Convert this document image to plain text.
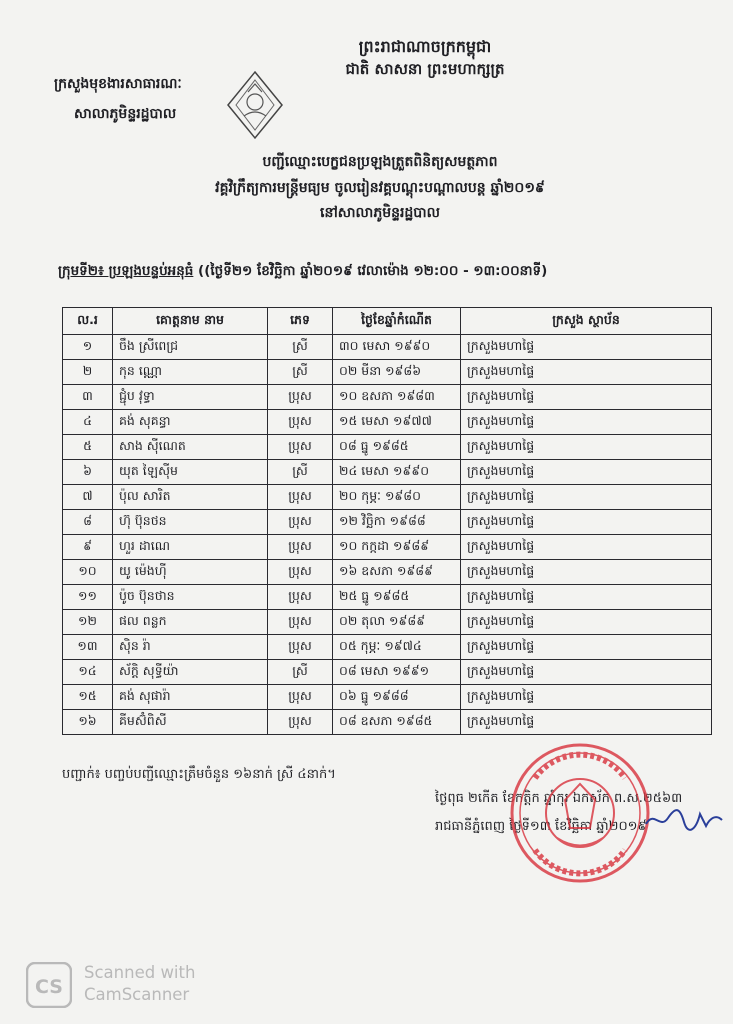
ព្រះរាជាណាចក្រកម្ពុជា
ជាតិ សាសនា ព្រះមហាក្សត្រ
ក្រសួងមុខងារសាធារណៈ
សាលាភូមិន្ទរដ្ឋបាល
បញ្ជីឈ្មោះបេក្ខជនប្រឡងត្រួតពិនិត្យសមត្ថភាព
វគ្គវិក្រឹត្យការមន្ត្រីមធ្យម ចូលរៀនវគ្គបណ្តុះបណ្តាលបន្ត ឆ្នាំ២០១៩
នៅសាលាភូមិន្ទរដ្ឋបាល
ក្រុមទី២៖ ប្រឡងបន្ទប់អនុធំ ((ថ្ងៃទី២១ ខែវិច្ឆិកា ឆ្នាំ២០១៩ វេលាម៉ោង ១២:០០ - ១៣:០០នាទី)
ល.រ	គោត្តនាម នាម	ភេទ	ថ្ងៃខែឆ្នាំកំណើត	ក្រសួង ស្ថាប័ន
១	ចឹង ស្រីពេជ្រ	ស្រី	៣០ មេសា ១៩៩០	ក្រសួងមហាផ្ទៃ
២	កុន ណ្ណោ	ស្រី	០២ មីនា ១៩៨៦	ក្រសួងមហាផ្ទៃ
៣	ជ្ជុំប វុទ្ធា	ប្រុស	១០ ឧសភា ១៩៨៣	ក្រសួងមហាផ្ទៃ
៤	គង់ សុគន្ធា	ប្រុស	១៥ មេសា ១៩៧៧	ក្រសួងមហាផ្ទៃ
៥	សាង ស៊ីណេត	ប្រុស	០៨ ធ្នូ ១៩៨៥	ក្រសួងមហាផ្ទៃ
៦	យុត ឡៃស៊ីម	ស្រី	២៤ មេសា ១៩៩០	ក្រសួងមហាផ្ទៃ
៧	ប៉ុល សារិត	ប្រុស	២០ កុម្ភៈ ១៩៨០	ក្រសួងមហាផ្ទៃ
៨	ហ៊ុ ប៊ុនថន	ប្រុស	១២ វិច្ឆិកា ១៩៨៨	ក្រសួងមហាផ្ទៃ
៩	ហួរ ដាណេ	ប្រុស	១០ កក្កដា ១៩៨៩	ក្រសួងមហាផ្ទៃ
១០	យូ ម៉េងហ៊ី	ប្រុស	១៦ ឧសភា ១៩៨៩	ក្រសួងមហាផ្ទៃ
១១	ប៉ូច ប៊ុនថាន	ប្រុស	២៥ ធ្នូ ១៩៨៥	ក្រសួងមហាផ្ទៃ
១២	ផល ពន្លក	ប្រុស	០២ តុលា ១៩៨៩	ក្រសួងមហាផ្ទៃ
១៣	ស៊ិន រ៉ា	ប្រុស	០៥ កុម្ភៈ ១៩៧៤	ក្រសួងមហាផ្ទៃ
១៤	ស័ក្តិ សុទ្ធីយ៉ា	ស្រី	០៨ មេសា ១៩៩១	ក្រសួងមហាផ្ទៃ
១៥	គង់ សុផារ៉ា	ប្រុស	០៦ ធ្នូ ១៩៨៨	ក្រសួងមហាផ្ទៃ
១៦	គីមស៊ំពិសី	ប្រុស	០៨ ឧសភា ១៩៨៥	ក្រសួងមហាផ្ទៃ
បញ្ជាក់៖ បញ្ចប់បញ្ជីឈ្មោះត្រឹមចំនួន ១៦នាក់ ស្រី ៤នាក់។
ថ្ងៃពុធ ២កើត ខែកត្តិក ឆ្នាំកុរ ឯកស័ក ព.ស.២៥៦៣
រាជធានីភ្នំពេញ ថ្ងៃទី១៣ ខែវិច្ឆិកា ឆ្នាំ២០១៩
CS
Scanned with
CamScanner
